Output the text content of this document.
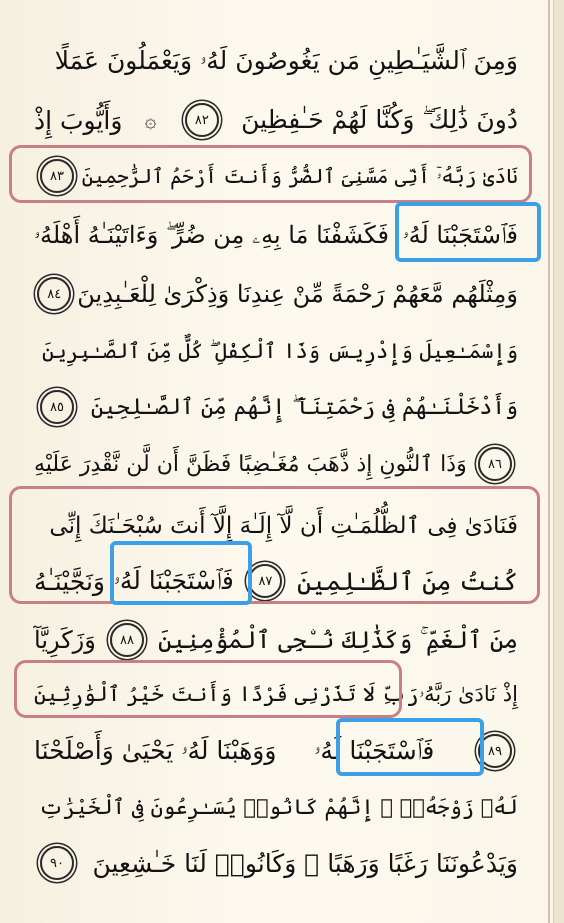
وَمِنَ ٱلشَّيَـٰطِينِ مَن يَغُوصُونَ لَهُۥ وَيَعْمَلُونَ عَمَلًا
دُونَ ذَٰلِكَ ۖ وَكُنَّا لَهُمْ حَـٰفِظِينَ
٨٢
۞
وَأَيُّوبَ إِذْ
نَادَىٰ رَبَّهُۥٓ أَنِّى مَسَّنِىَ ٱلضُّرُّ وَأَنتَ أَرْحَمُ ٱلرَّٰحِمِينَ
٨٣
فَٱسْتَجَبْنَا لَهُۥ
فَكَشَفْنَا مَا بِهِۦ مِن ضُرٍّ ۖ وَءَاتَيْنَـٰهُ أَهْلَهُۥ
وَمِثْلَهُم مَّعَهُمْ رَحْمَةً مِّنْ عِندِنَا وَذِكْرَىٰ لِلْعَـٰبِدِينَ
٨٤
وَإِسْمَـٰعِيلَ وَإِدْرِيسَ وَذَا ٱلْكِفْلِ ۖ كُلٌّ مِّنَ ٱلصَّـٰبِرِينَ
وَأَدْخَلْنَـٰهُمْ فِى رَحْمَتِنَآ ۖ إِنَّهُم مِّنَ ٱلصَّـٰلِحِينَ
٨٥
٨٦
وَذَا ٱلنُّونِ إِذ ذَّهَبَ مُغَـٰضِبًا فَظَنَّ أَن لَّن نَّقْدِرَ عَلَيْهِ
فَنَادَىٰ فِى ٱلظُّلُمَـٰتِ أَن لَّآ إِلَـٰهَ إِلَّآ أَنتَ سُبْحَـٰنَكَ إِنِّى
كُنتُ مِنَ ٱلظَّـٰلِمِينَ
٨٧
فَٱسْتَجَبْنَا لَهُۥ
وَنَجَّيْنَـٰهُ
مِنَ ٱلْغَمِّ ۚ وَكَذَٰلِكَ نُـۨجِى ٱلْمُؤْمِنِينَ
٨٨
وَزَكَرِيَّآ
إِذْ نَادَىٰ رَبَّهُۥ
رَبِّ لَا تَذَرْنِى فَرْدًا وَأَنتَ خَيْرُ ٱلْوَٰرِثِينَ
٨٩
فَٱسْتَجَبْنَا لَهُۥ
وَوَهَبْنَا لَهُۥ يَحْيَىٰ وَأَصْلَحْنَا
لَهُۥ زَوْجَهُۥٓ ۚ إِنَّهُمْ كَانُوا۟ يُسَـٰرِعُونَ فِى ٱلْخَيْرَٰتِ
وَيَدْعُونَنَا رَغَبًا وَرَهَبًا ۖ وَكَانُوا۟ لَنَا خَـٰشِعِينَ
٩٠
